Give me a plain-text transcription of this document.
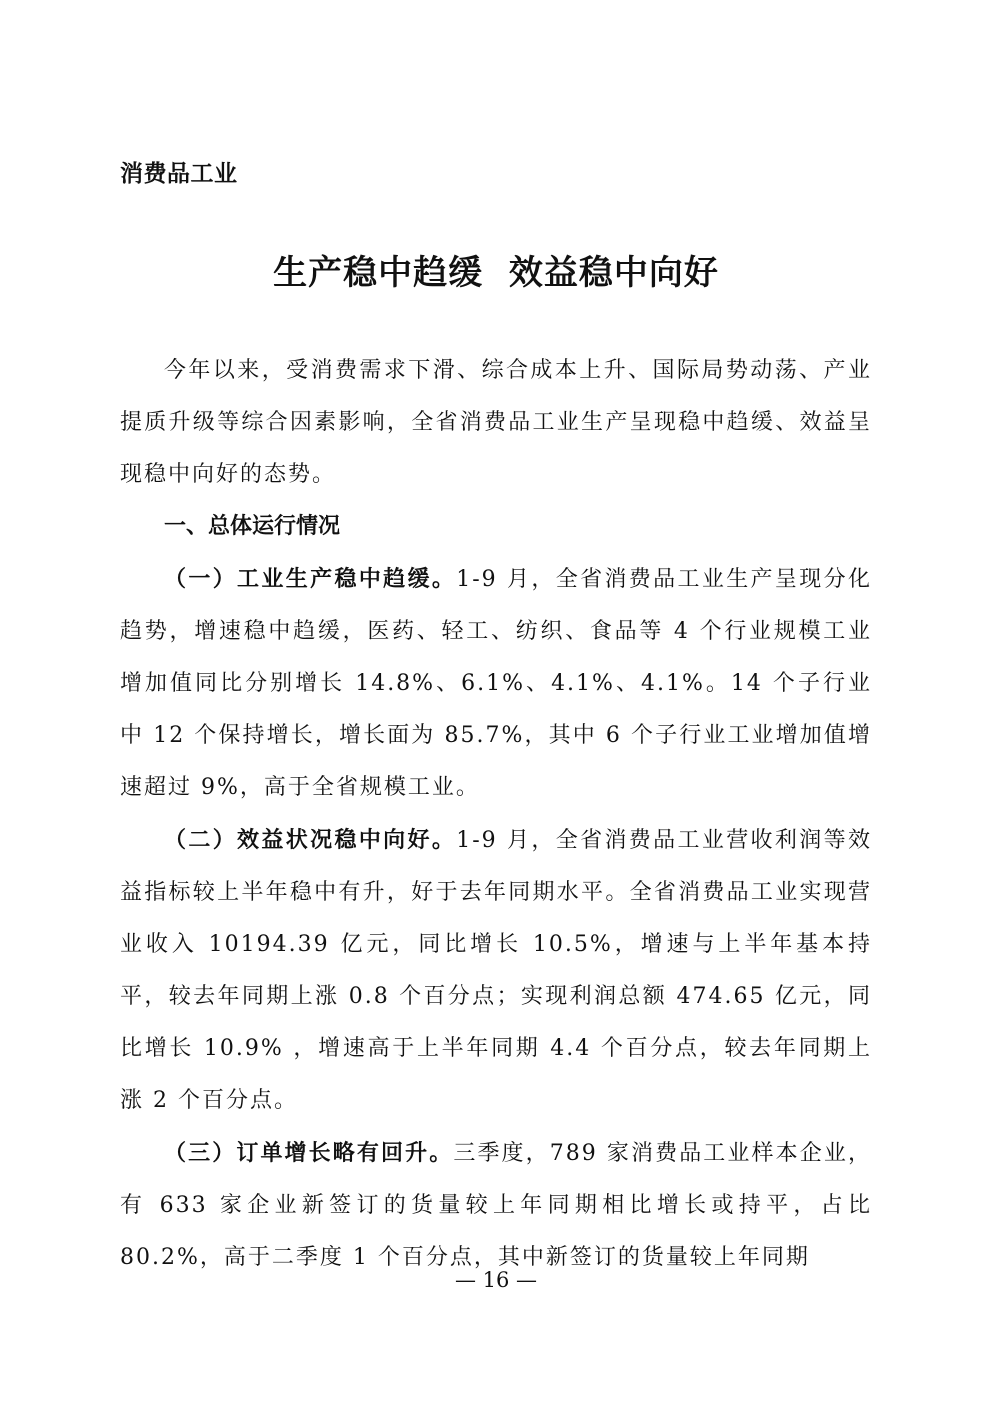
消费品工业
生产稳中趋缓  效益稳中向好

今年以来，受消费需求下滑、综合成本上升、国际局势动荡、产业提质升级等综合因素影响，全省消费品工业生产呈现稳中趋缓、效益呈现稳中向好的态势。

一、总体运行情况

（一）工业生产稳中趋缓。1-9 月，全省消费品工业生产呈现分化趋势，增速稳中趋缓，医药、轻工、纺织、食品等 4 个行业规模工业增加值同比分别增长 14.8%、6.1%、4.1%、4.1%。14 个子行业中 12 个保持增长，增长面为 85.7%，其中 6 个子行业工业增加值增速超过 9%，高于全省规模工业。

（二）效益状况稳中向好。1-9 月，全省消费品工业营收利润等效益指标较上半年稳中有升，好于去年同期水平。全省消费品工业实现营业收入 10194.39 亿元，同比增长 10.5%，增速与上半年基本持平，较去年同期上涨 0.8 个百分点；实现利润总额 474.65 亿元，同比增长 10.9% ，增速高于上半年同期 4.4 个百分点，较去年同期上涨 2 个百分点。

（三）订单增长略有回升。三季度，789 家消费品工业样本企业，有 633 家企业新签订的货量较上年同期相比增长或持平，占比 80.2%，高于二季度 1 个百分点，其中新签订的货量较上年同期

— 16 —
